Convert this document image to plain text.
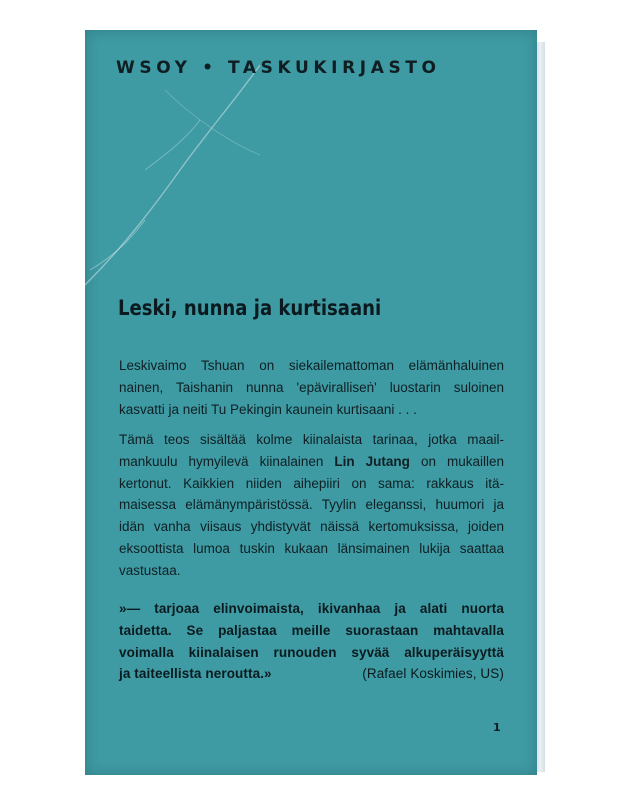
WSOY • TASKUKIRJASTO
Leski, nunna ja kurtisaani
Leskivaimo Tshuan on siekailemattoman elämänhaluinen
nainen, Taishanin nunna 'epäviralliseṅ' luostarin suloinen
kasvatti ja neiti Tu Pekingin kaunein kurtisaani . . .
Tämä teos sisältää kolme kiinalaista tarinaa, jotka maail-
mankuulu hymyilevä kiinalainen Lin Jutang on mukaillen
kertonut. Kaikkien niiden aihepiiri on sama: rakkaus itä-
maisessa elämänympäristössä. Tyylin eleganssi, huumori ja
idän vanha viisaus yhdistyvät näissä kertomuksissa, joiden
eksoottista lumoa tuskin kukaan länsimainen lukija saattaa
vastustaa.
»— tarjoaa elinvoimaista, ikivanhaa ja alati nuorta
taidetta. Se paljastaa meille suorastaan mahtavalla
voimalla kiinalaisen runouden syvää alkuperäisyyttä
ja taiteellista neroutta.»	(Rafael Koskimies, US)
1
